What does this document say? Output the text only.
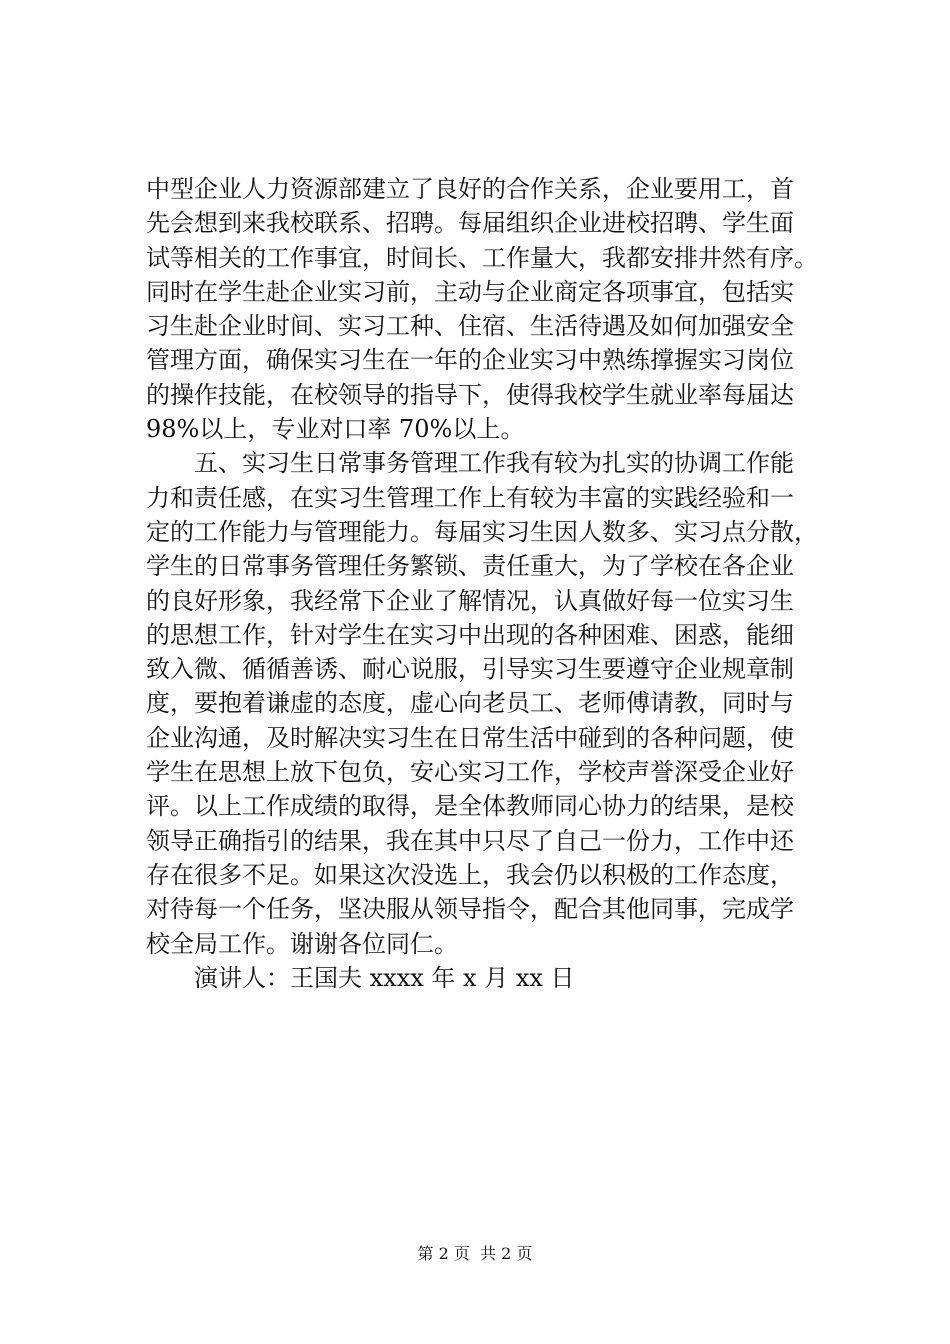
中型企业人力资源部建立了良好的合作关系，企业要用工，首
先会想到来我校联系、招聘。每届组织企业进校招聘、学生面
试等相关的工作事宜，时间长、工作量大，我都安排井然有序。
同时在学生赴企业实习前，主动与企业商定各项事宜，包括实
习生赴企业时间、实习工种、住宿、生活待遇及如何加强安全
管理方面，确保实习生在一年的企业实习中熟练撑握实习岗位
的操作技能，在校领导的指导下，使得我校学生就业率每届达
98%以上，专业对口率 70%以上。
五、实习生日常事务管理工作我有较为扎实的协调工作能
力和责任感，在实习生管理工作上有较为丰富的实践经验和一
定的工作能力与管理能力。每届实习生因人数多、实习点分散，
学生的日常事务管理任务繁锁、责任重大，为了学校在各企业
的良好形象，我经常下企业了解情况，认真做好每一位实习生
的思想工作，针对学生在实习中出现的各种困难、困惑，能细
致入微、循循善诱、耐心说服，引导实习生要遵守企业规章制
度，要抱着谦虚的态度，虚心向老员工、老师傅请教，同时与
企业沟通，及时解决实习生在日常生活中碰到的各种问题，使
学生在思想上放下包负，安心实习工作，学校声誉深受企业好
评。以上工作成绩的取得，是全体教师同心协力的结果，是校
领导正确指引的结果，我在其中只尽了自己一份力，工作中还
存在很多不足。如果这次没选上，我会仍以积极的工作态度，
对待每一个任务，坚决服从领导指令，配合其他同事，完成学
校全局工作。谢谢各位同仁。
演讲人：王国夫 xxxx 年 x 月 xx 日
第 2 页  共 2 页
